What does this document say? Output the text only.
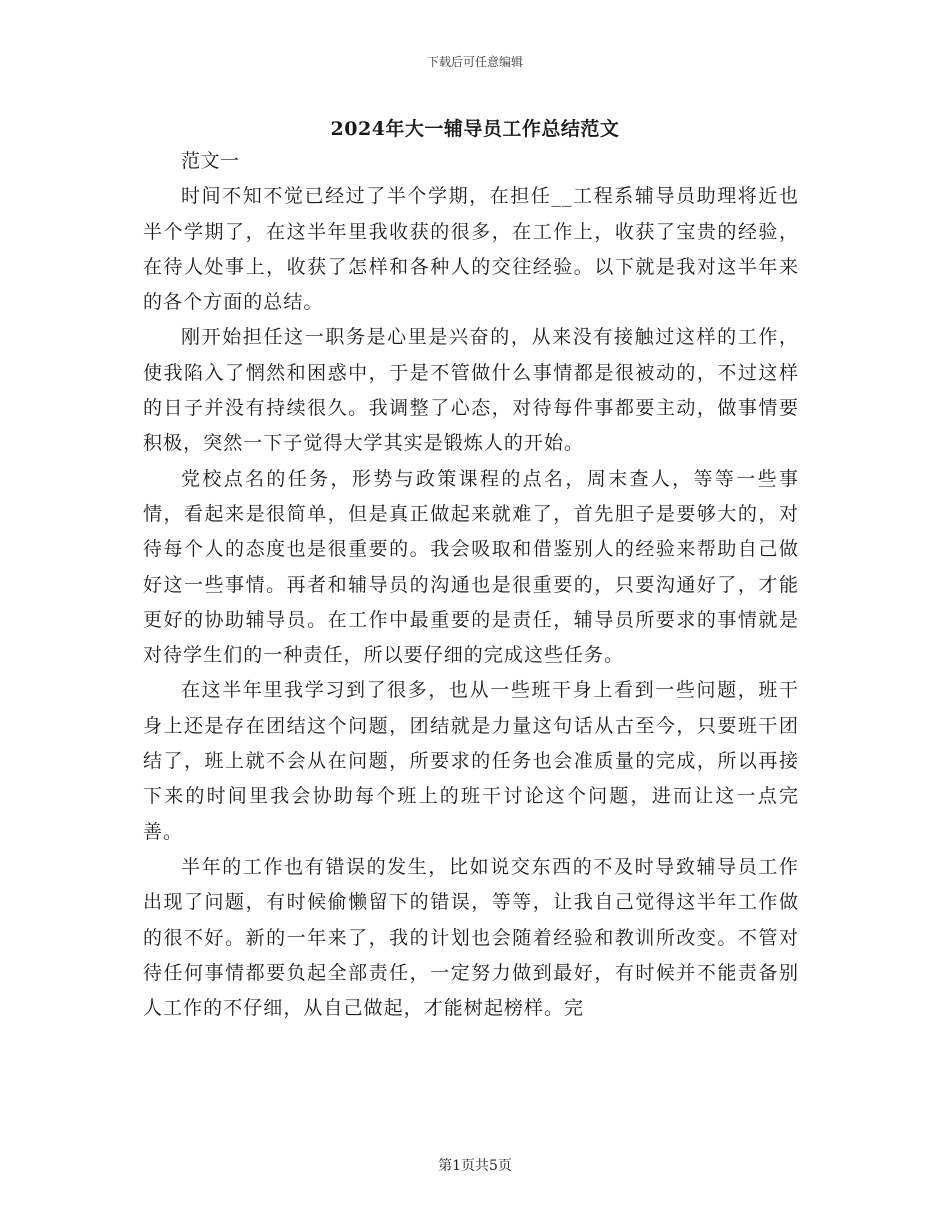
下载后可任意编辑
2024年大一辅导员工作总结范文

范文一

时间不知不觉已经过了半个学期，在担任__工程系辅导员助理将近也半个学期了，在这半年里我收获的很多，在工作上，收获了宝贵的经验，在待人处事上，收获了怎样和各种人的交往经验。以下就是我对这半年来的各个方面的总结。

刚开始担任这一职务是心里是兴奋的，从来没有接触过这样的工作，使我陷入了惘然和困惑中，于是不管做什么事情都是很被动的，不过这样的日子并没有持续很久。我调整了心态，对待每件事都要主动，做事情要积极，突然一下子觉得大学其实是锻炼人的开始。

党校点名的任务，形势与政策课程的点名，周末查人，等等一些事情，看起来是很简单，但是真正做起来就难了，首先胆子是要够大的，对待每个人的态度也是很重要的。我会吸取和借鉴别人的经验来帮助自己做好这一些事情。再者和辅导员的沟通也是很重要的，只要沟通好了，才能更好的协助辅导员。在工作中最重要的是责任，辅导员所要求的事情就是对待学生们的一种责任，所以要仔细的完成这些任务。

在这半年里我学习到了很多，也从一些班干身上看到一些问题，班干身上还是存在团结这个问题，团结就是力量这句话从古至今，只要班干团结了，班上就不会从在问题，所要求的任务也会准质量的完成，所以再接下来的时间里我会协助每个班上的班干讨论这个问题，进而让这一点完善。

半年的工作也有错误的发生，比如说交东西的不及时导致辅导员工作出现了问题，有时候偷懒留下的错误，等等，让我自己觉得这半年工作做的很不好。新的一年来了，我的计划也会随着经验和教训所改变。不管对待任何事情都要负起全部责任，一定努力做到最好，有时候并不能责备别人工作的不仔细，从自己做起，才能树起榜样。完

第1页共5页
